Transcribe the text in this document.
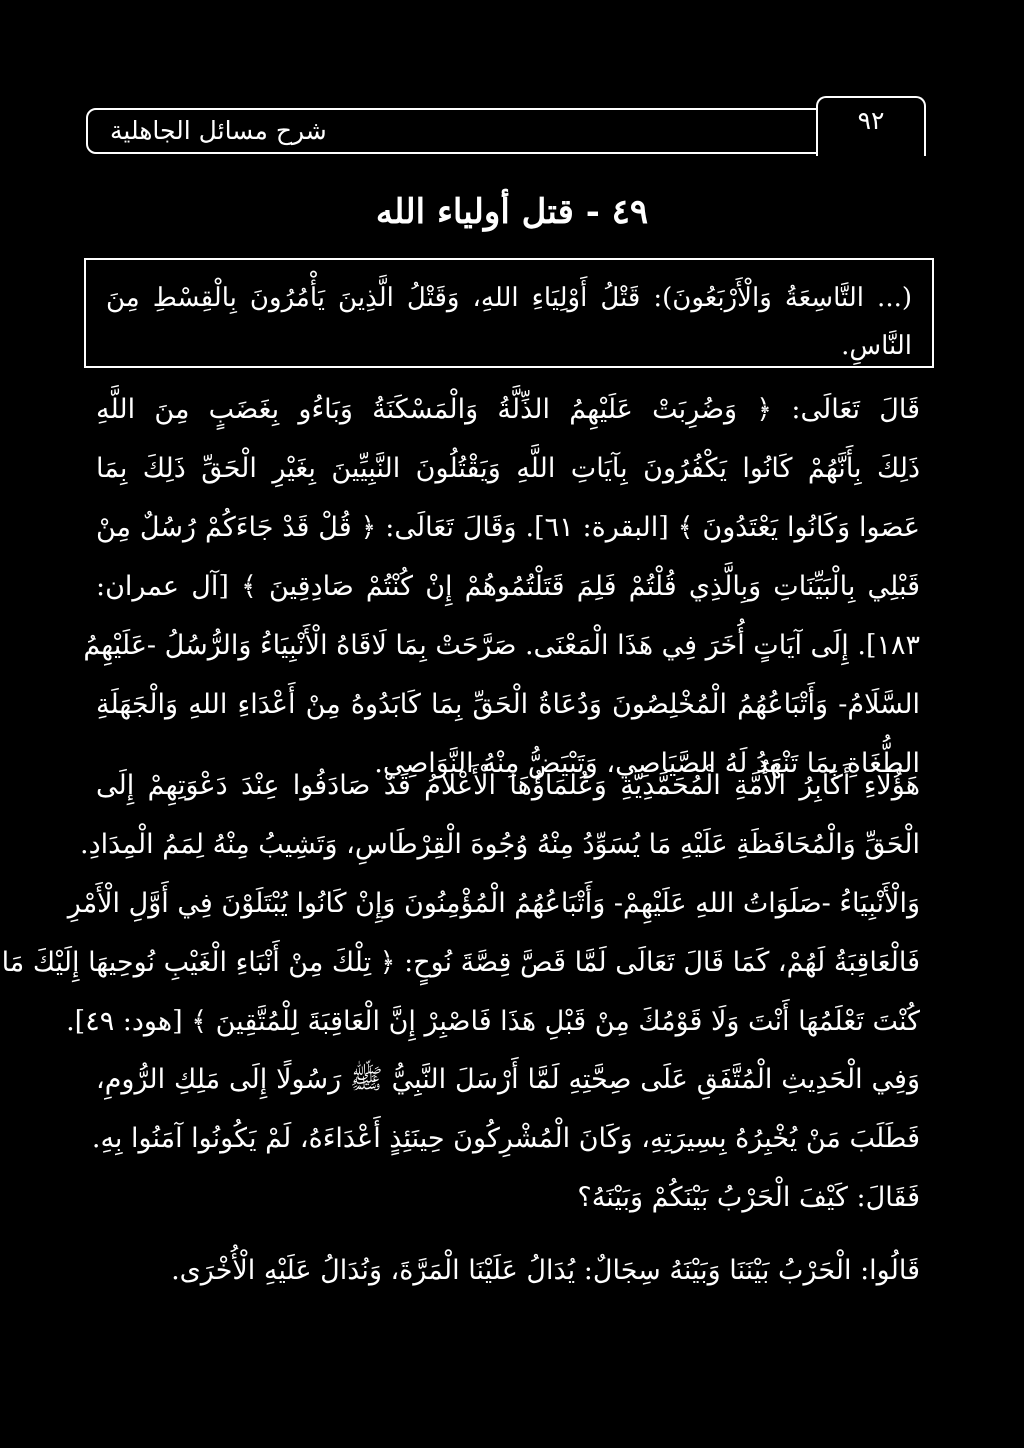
شرح مسائل الجاهلية	٩٢
٤٩ - قتل أولياء الله
(... التَّاسِعَةُ وَالْأَرْبَعُونَ): قَتْلُ أَوْلِيَاءِ اللهِ، وَقَتْلُ الَّذِينَ يَأْمُرُونَ بِالْقِسْطِ مِنَ
النَّاسِ.
قَالَ تَعَالَى: ﴿ وَضُرِبَتْ عَلَيْهِمُ الذِّلَّةُ وَالْمَسْكَنَةُ وَبَاءُو بِغَضَبٍ مِنَ اللَّهِ
ذَلِكَ بِأَنَّهُمْ كَانُوا يَكْفُرُونَ بِآيَاتِ اللَّهِ وَيَقْتُلُونَ النَّبِيِّينَ بِغَيْرِ الْحَقِّ ذَلِكَ بِمَا
عَصَوا وَكَانُوا يَعْتَدُونَ ﴾ [البقرة: ٦١]. وَقَالَ تَعَالَى: ﴿ قُلْ قَدْ جَاءَكُمْ رُسُلٌ مِنْ
قَبْلِي بِالْبَيِّنَاتِ وَبِالَّذِي قُلْتُمْ فَلِمَ قَتَلْتُمُوهُمْ إِنْ كُنْتُمْ صَادِقِينَ ﴾ [آل عمران:
١٨٣]. إِلَى آيَاتٍ أُخَرَ فِي هَذَا الْمَعْنَى. صَرَّحَتْ بِمَا لَاقَاهُ الْأَنْبِيَاءُ وَالرُّسُلُ -عَلَيْهِمُ
السَّلَامُ- وَأَتْبَاعُهُمُ الْمُخْلِصُونَ وَدُعَاةُ الْحَقِّ بِمَا كَابَدُوهُ مِنْ أَعْدَاءِ اللهِ وَالْجَهَلَةِ
الطُّغَاةِ بِمَا تَنْهَدُ لَهُ الصَّيَاصِي، وَتَبْيَضُّ مِنْهُ النَّوَاصِي.
هَؤُلَاءِ أَكَابِرُ الْأُمَّةِ الْمُحَمَّدِيَّةِ وَعُلَمَاؤُهَا الْأَعْلَامُ قَدْ صَادَفُوا عِنْدَ دَعْوَتِهِمْ إِلَى
الْحَقِّ وَالْمُحَافَظَةِ عَلَيْهِ مَا يُسَوِّدُ مِنْهُ وُجُوهَ الْقِرْطَاسِ، وَتَشِيبُ مِنْهُ لِمَمُ الْمِدَادِ.
وَالْأَنْبِيَاءُ -صَلَوَاتُ اللهِ عَلَيْهِمْ- وَأَتْبَاعُهُمُ الْمُؤْمِنُونَ وَإِنْ كَانُوا يُبْتَلَوْنَ فِي أَوَّلِ الْأَمْرِ
فَالْعَاقِبَةُ لَهُمْ، كَمَا قَالَ تَعَالَى لَمَّا قَصَّ قِصَّةَ نُوحٍ: ﴿ تِلْكَ مِنْ أَنْبَاءِ الْغَيْبِ نُوحِيهَا إِلَيْكَ مَا
كُنْتَ تَعْلَمُهَا أَنْتَ وَلَا قَوْمُكَ مِنْ قَبْلِ هَذَا فَاصْبِرْ إِنَّ الْعَاقِبَةَ لِلْمُتَّقِينَ ﴾ [هود: ٤٩].
وَفِي الْحَدِيثِ الْمُتَّفَقِ عَلَى صِحَّتِهِ لَمَّا أَرْسَلَ النَّبِيُّ ﷺ رَسُولًا إِلَى مَلِكِ الرُّومِ،
فَطَلَبَ مَنْ يُخْبِرُهُ بِسِيرَتِهِ، وَكَانَ الْمُشْرِكُونَ حِينَئِذٍ أَعْدَاءَهُ، لَمْ يَكُونُوا آمَنُوا بِهِ.
فَقَالَ: كَيْفَ الْحَرْبُ بَيْنَكُمْ وَبَيْنَهُ؟
قَالُوا: الْحَرْبُ بَيْنَنَا وَبَيْنَهُ سِجَالٌ: يُدَالُ عَلَيْنَا الْمَرَّةَ، وَنُدَالُ عَلَيْهِ الْأُخْرَى.
